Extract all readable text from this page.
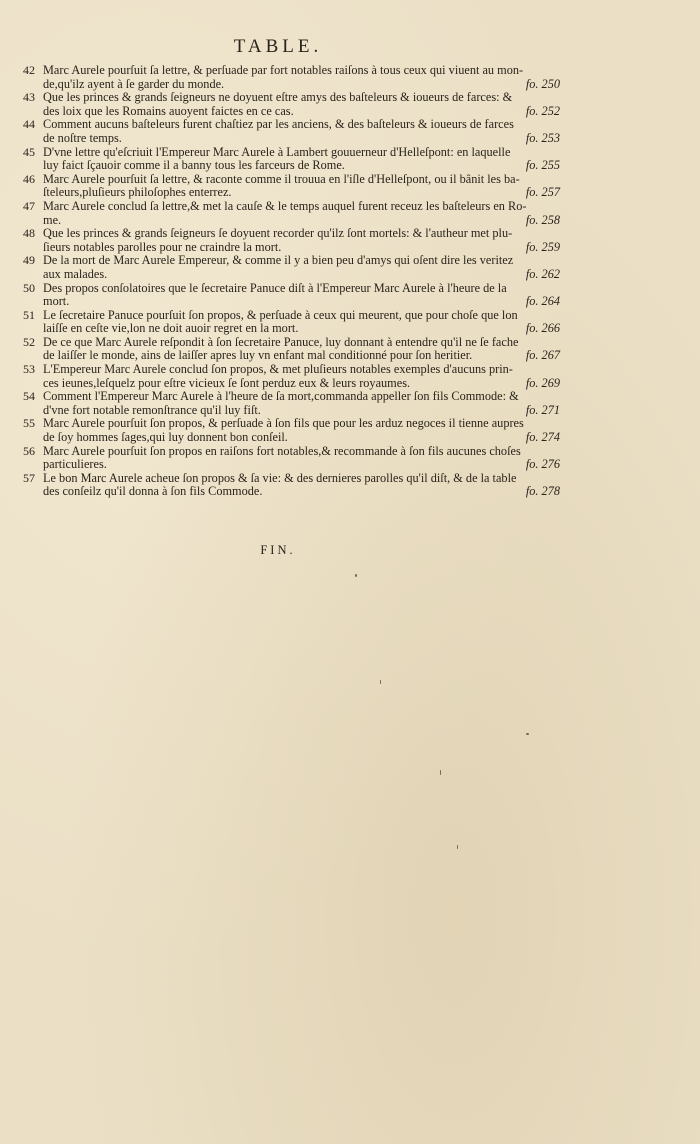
TABLE.
42 Marc Aurele pourſuit ſa lettre, & perſuade par fort notables raiſons à tous ceux qui viuent au mon-
de,qu'ilz ayent à ſe garder du monde.	fo. 250
43 Que les princes & grands ſeigneurs ne doyuent eſtre amys des baſteleurs & ioueurs de farces: &
des loix que les Romains auoyent faictes en ce cas.	fo. 252
44 Comment aucuns baſteleurs furent chaſtiez par les anciens, & des baſteleurs & ioueurs de farces
de noſtre temps.	fo. 253
45 D'vne lettre qu'eſcriuit l'Empereur Marc Aurele à Lambert gouuerneur d'Helleſpont: en laquelle
luy faict ſçauoir comme il a banny tous les farceurs de Rome.	fo. 255
46 Marc Aurele pourſuit ſa lettre, & raconte comme il trouua en l'iſle d'Helleſpont, ou il bânit les ba-
ſteleurs,pluſieurs philoſophes enterrez.	fo. 257
47 Marc Aurele conclud ſa lettre,& met la cauſe & le temps auquel furent receuz les baſteleurs en Ro-
me.	fo. 258
48 Que les princes & grands ſeigneurs ſe doyuent recorder qu'ilz ſont mortels: & l'autheur met plu-
ſieurs notables parolles pour ne craindre la mort.	fo. 259
49 De la mort de Marc Aurele Empereur, & comme il y a bien peu d'amys qui oſent dire les veritez
aux malades.	fo. 262
50 Des propos conſolatoires que le ſecretaire Panuce diſt à l'Empereur Marc Aurele à l'heure de la
mort.	fo. 264
51 Le ſecretaire Panuce pourſuit ſon propos, & perſuade à ceux qui meurent, que pour choſe que lon
laiſſe en ceſte vie,lon ne doit auoir regret en la mort.	fo. 266
52 De ce que Marc Aurele reſpondit à ſon ſecretaire Panuce, luy donnant à entendre qu'il ne ſe fache
de laiſſer le monde, ains de laiſſer apres luy vn enfant mal conditionné pour ſon heritier.	fo. 267
53 L'Empereur Marc Aurele conclud ſon propos, & met pluſieurs notables exemples d'aucuns prin-
ces ieunes,leſquelz pour eſtre vicieux ſe ſont perduz eux & leurs royaumes.	fo. 269
54 Comment l'Empereur Marc Aurele à l'heure de ſa mort,commanda appeller ſon fils Commode: &
d'vne fort notable remonſtrance qu'il luy fiſt.	fo. 271
55 Marc Aurele pourſuit ſon propos, & perſuade à ſon fils que pour les arduz negoces il tienne aupres
de ſoy hommes ſages,qui luy donnent bon conſeil.	fo. 274
56 Marc Aurele pourſuit ſon propos en raiſons fort notables,& recommande à ſon fils aucunes choſes
particulieres.	fo. 276
57 Le bon Marc Aurele acheue ſon propos & ſa vie: & des dernieres parolles qu'il diſt, & de la table
des conſeilz qu'il donna à ſon fils Commode.	fo. 278
FIN.
